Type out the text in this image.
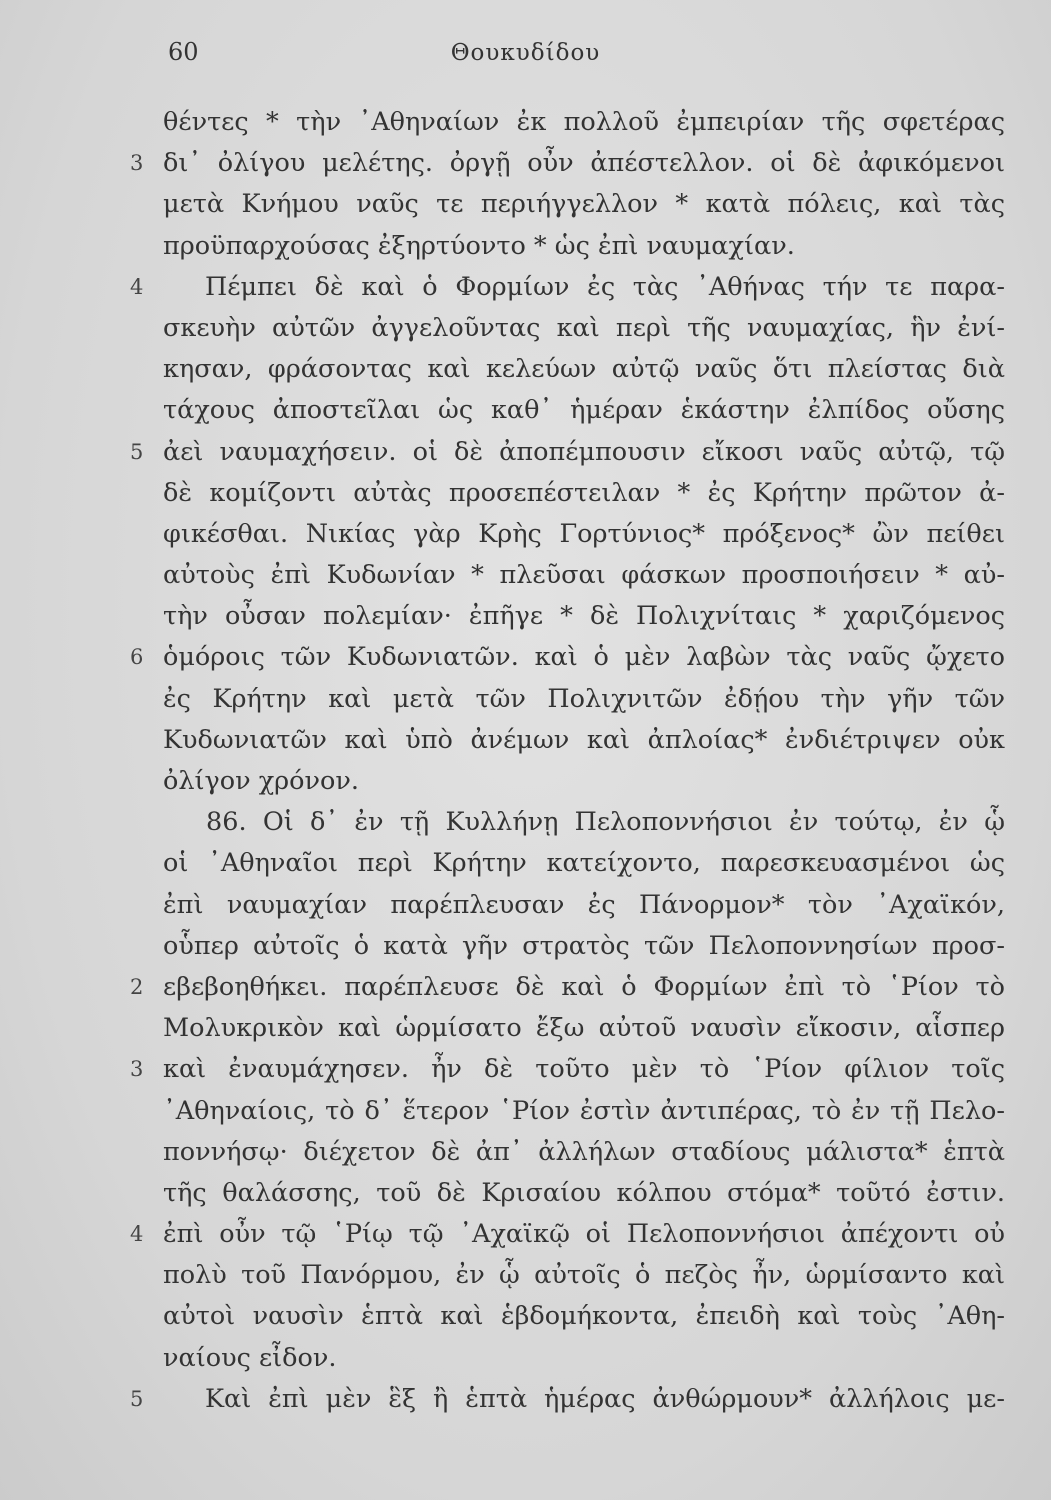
60	Θουκυδίδου
θέντες * τὴν ᾿Αθηναίων ἐκ πολλοῦ ἐμπειρίαν τῆς σφετέρας
3 δι᾿ ὀλίγου μελέτης. ὀργῇ οὖν ἀπέστελλον. οἱ δὲ ἀφικόμενοι
μετὰ Κνήμου ναῦς τε περιήγγελλον * κατὰ πόλεις, καὶ τὰς
προϋπαρχούσας ἐξηρτύοντο * ὡς ἐπὶ ναυμαχίαν.
4 Πέμπει δὲ καὶ ὁ Φορμίων ἐς τὰς ᾿Αθήνας τήν τε παρα-
σκευὴν αὐτῶν ἀγγελοῦντας καὶ περὶ τῆς ναυμαχίας, ἣν ἐνί-
κησαν, φράσοντας καὶ κελεύων αὐτῷ ναῦς ὅτι πλείστας διὰ
τάχους ἀποστεῖλαι ὡς καθ᾿ ἡμέραν ἑκάστην ἐλπίδος οὔσης
5 ἀεὶ ναυμαχήσειν. οἱ δὲ ἀποπέμπουσιν εἴκοσι ναῦς αὐτῷ, τῷ
δὲ κομίζοντι αὐτὰς προσεπέστειλαν * ἐς Κρήτην πρῶτον ἀ-
φικέσθαι. Νικίας γὰρ Κρὴς Γορτύνιος* πρόξενος* ὢν πείθει
αὐτοὺς ἐπὶ Κυδωνίαν * πλεῦσαι φάσκων προσποιήσειν * αὐ-
τὴν οὖσαν πολεμίαν· ἐπῆγε * δὲ Πολιχνίταις * χαριζόμενος
6 ὁμόροις τῶν Κυδωνιατῶν. καὶ ὁ μὲν λαβὼν τὰς ναῦς ᾤχετο
ἐς Κρήτην καὶ μετὰ τῶν Πολιχνιτῶν ἐδῄου τὴν γῆν τῶν
Κυδωνιατῶν καὶ ὑπὸ ἀνέμων καὶ ἀπλοίας* ἐνδιέτριψεν οὐκ
ὀλίγον χρόνον.
86. Οἱ δ᾿ ἐν τῇ Κυλλήνῃ Πελοποννήσιοι ἐν τούτῳ, ἐν ᾧ
οἱ ᾿Αθηναῖοι περὶ Κρήτην κατείχοντο, παρεσκευασμένοι ὡς
ἐπὶ ναυμαχίαν παρέπλευσαν ἐς Πάνορμον* τὸν ᾿Αχαϊκόν,
οὗπερ αὐτοῖς ὁ κατὰ γῆν στρατὸς τῶν Πελοποννησίων προσ-
2 εβεβοηθήκει. παρέπλευσε δὲ καὶ ὁ Φορμίων ἐπὶ τὸ ῾Ρίον τὸ
Μολυκρικὸν καὶ ὡρμίσατο ἔξω αὐτοῦ ναυσὶν εἴκοσιν, αἷσπερ
3 καὶ ἐναυμάχησεν. ἦν δὲ τοῦτο μὲν τὸ ῾Ρίον φίλιον τοῖς
᾿Αθηναίοις, τὸ δ᾿ ἕτερον ῾Ρίον ἐστὶν ἀντιπέρας, τὸ ἐν τῇ Πελο-
ποννήσῳ· διέχετον δὲ ἀπ᾿ ἀλλήλων σταδίους μάλιστα* ἑπτὰ
τῆς θαλάσσης, τοῦ δὲ Κρισαίου κόλπου στόμα* τοῦτό ἐστιν.
4 ἐπὶ οὖν τῷ ῾Ρίῳ τῷ ᾿Αχαϊκῷ οἱ Πελοποννήσιοι ἀπέχοντι οὐ
πολὺ τοῦ Πανόρμου, ἐν ᾧ αὐτοῖς ὁ πεζὸς ἦν, ὡρμίσαντο καὶ
αὐτοὶ ναυσὶν ἑπτὰ καὶ ἑβδομήκοντα, ἐπειδὴ καὶ τοὺς ᾿Αθη-
ναίους εἶδον.
5 Καὶ ἐπὶ μὲν ἓξ ἢ ἑπτὰ ἡμέρας ἀνθώρμουν* ἀλλήλοις με-
